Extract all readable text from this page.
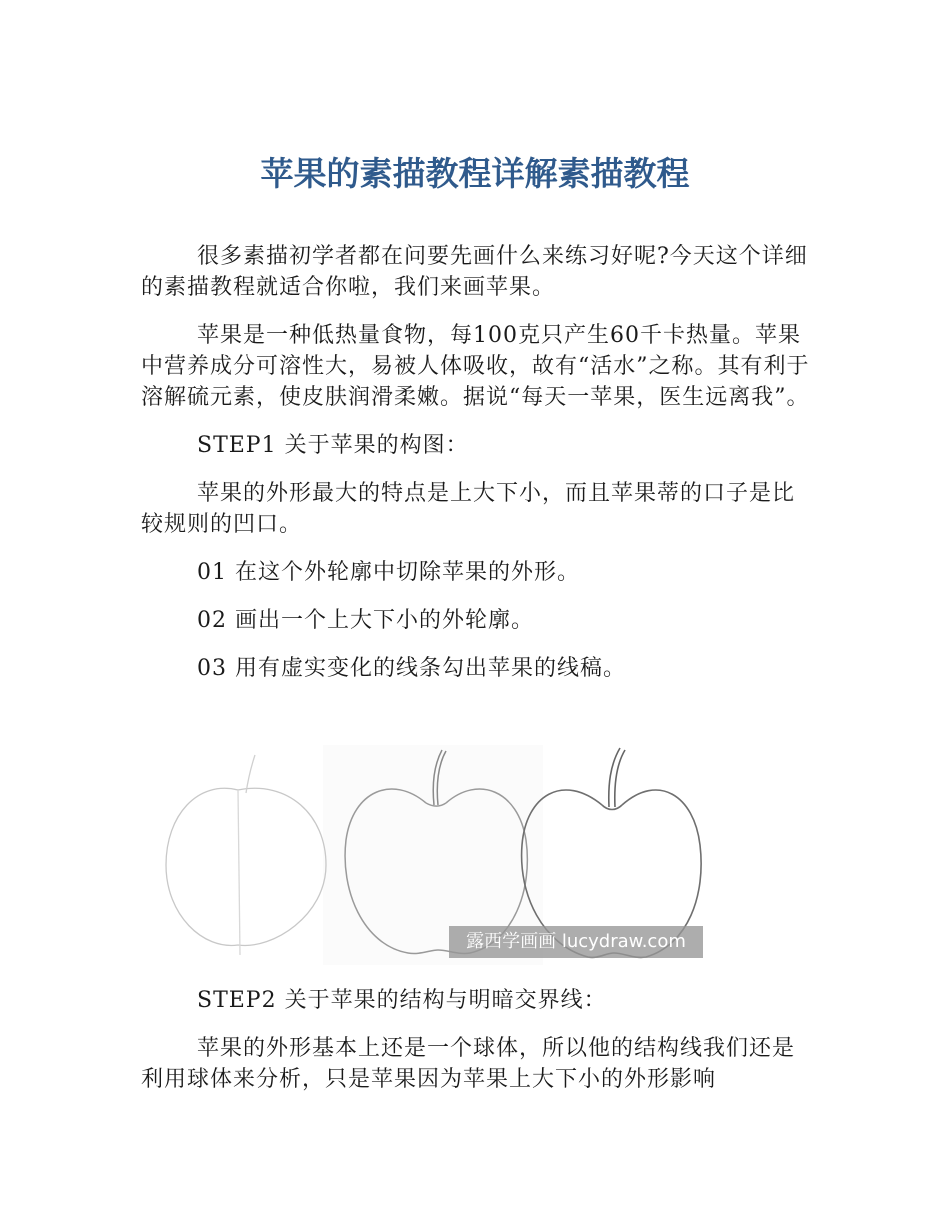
苹果的素描教程详解素描教程

很多素描初学者都在问要先画什么来练习好呢?今天这个详细的素描教程就适合你啦，我们来画苹果。

苹果是一种低热量食物，每100克只产生60千卡热量。苹果中营养成分可溶性大，易被人体吸收，故有“活水”之称。其有利于溶解硫元素，使皮肤润滑柔嫩。据说“每天一苹果，医生远离我”。

STEP1 关于苹果的构图：

苹果的外形最大的特点是上大下小，而且苹果蒂的口子是比较规则的凹口。

01 在这个外轮廓中切除苹果的外形。

02 画出一个上大下小的外轮廓。

03 用有虚实变化的线条勾出苹果的线稿。

露西学画画 lucydraw.com

STEP2 关于苹果的结构与明暗交界线：

苹果的外形基本上还是一个球体，所以他的结构线我们还是利用球体来分析，只是苹果因为苹果上大下小的外形影响
